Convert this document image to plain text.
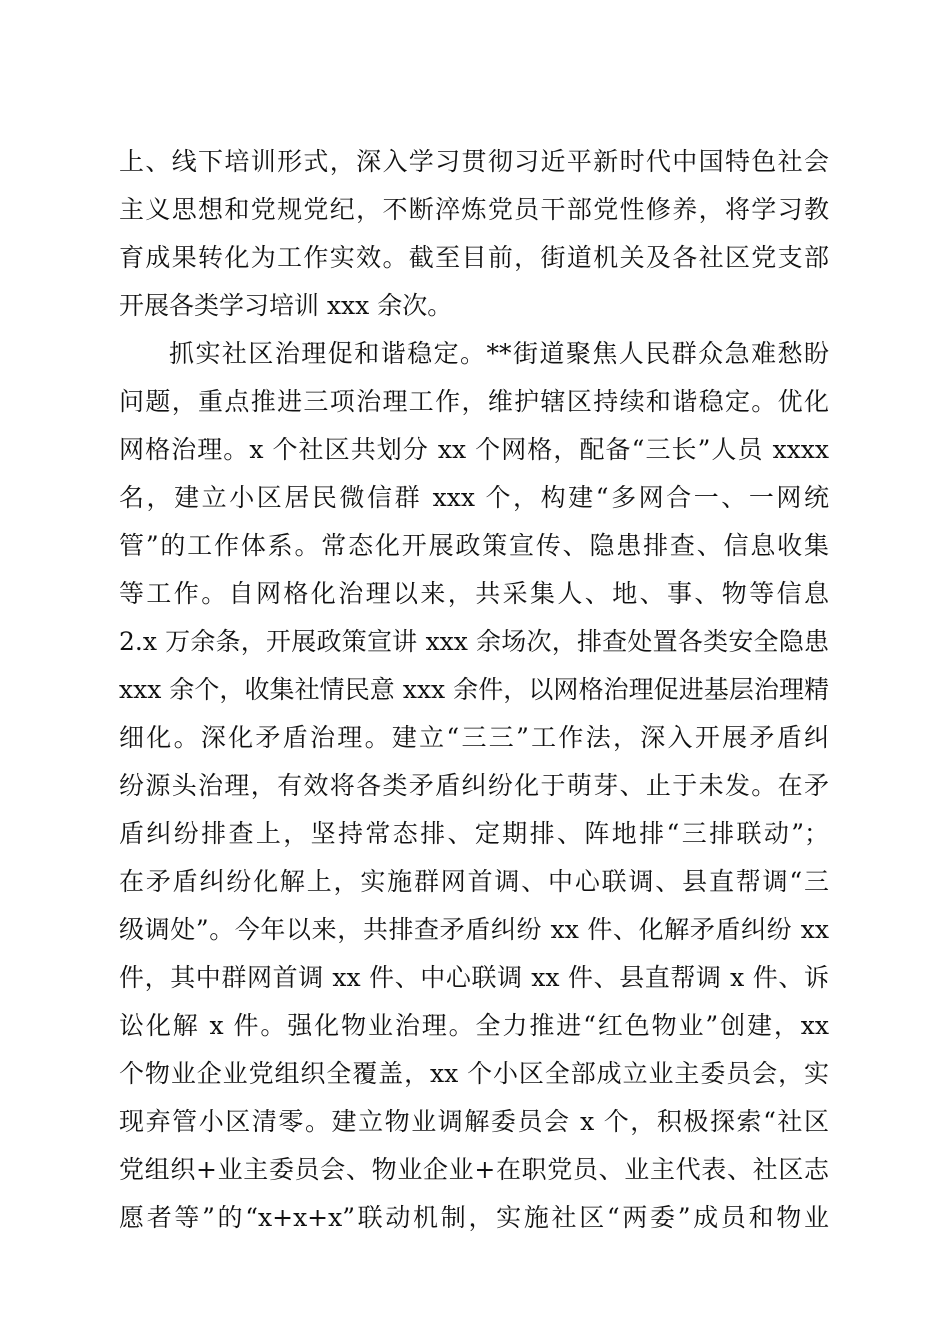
上、线下培训形式，深入学习贯彻习近平新时代中国特色社会
主义思想和党规党纪，不断淬炼党员干部党性修养，将学习教
育成果转化为工作实效。截至目前，街道机关及各社区党支部
开展各类学习培训 xxx 余次。
抓实社区治理促和谐稳定。**街道聚焦人民群众急难愁盼
问题，重点推进三项治理工作，维护辖区持续和谐稳定。优化
网格治理。x 个社区共划分 xx 个网格，配备“三长”人员 xxxx
名，建立小区居民微信群 xxx 个，构建“多网合一、一网统
管”的工作体系。常态化开展政策宣传、隐患排查、信息收集
等工作。自网格化治理以来，共采集人、地、事、物等信息
2.x 万余条，开展政策宣讲 xxx 余场次，排查处置各类安全隐患
xxx 余个，收集社情民意 xxx 余件，以网格治理促进基层治理精
细化。深化矛盾治理。建立“三三”工作法，深入开展矛盾纠
纷源头治理，有效将各类矛盾纠纷化于萌芽、止于未发。在矛
盾纠纷排查上，坚持常态排、定期排、阵地排“三排联动”；
在矛盾纠纷化解上，实施群网首调、中心联调、县直帮调“三
级调处”。今年以来，共排查矛盾纠纷 xx 件、化解矛盾纠纷 xx
件，其中群网首调 xx 件、中心联调 xx 件、县直帮调 x 件、诉
讼化解 x 件。强化物业治理。全力推进“红色物业”创建，xx
个物业企业党组织全覆盖，xx 个小区全部成立业主委员会，实
现弃管小区清零。建立物业调解委员会 x 个，积极探索“社区
党组织+业主委员会、物业企业+在职党员、业主代表、社区志
愿者等”的“x+x+x”联动机制，实施社区“两委”成员和物业
